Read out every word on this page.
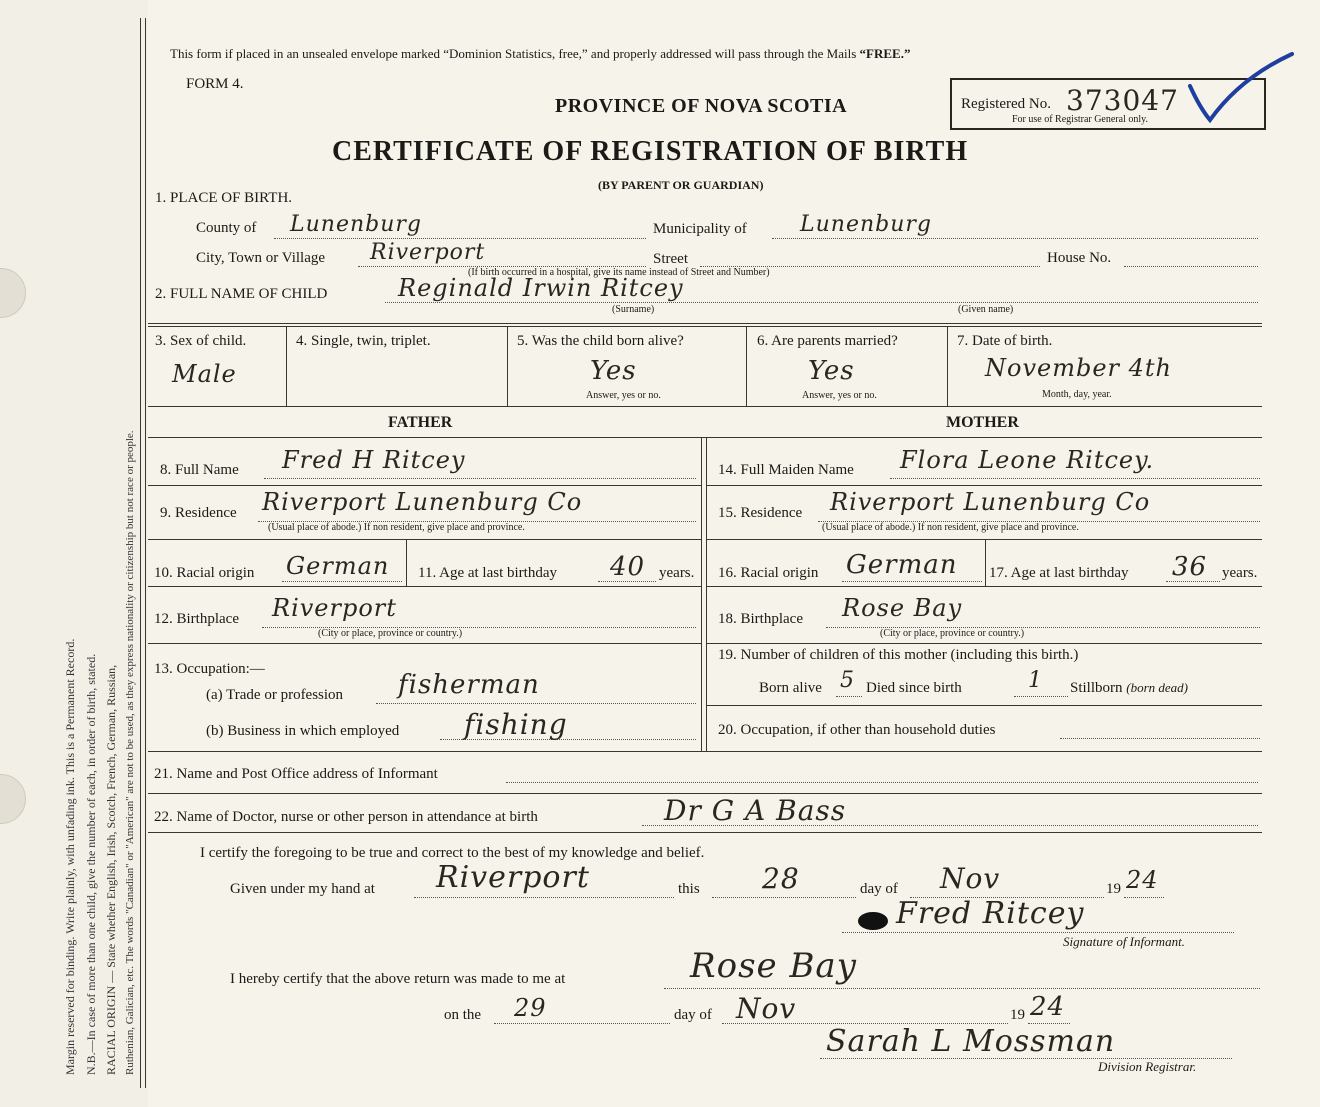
Margin reserved for binding. Write plainly, with unfading ink. This is a Permanent Record. N.B.—In case of more than one child, give the number of each, in order of birth, stated. RACIAL ORIGIN — State whether English, Irish, Scotch, French, German, Russian, Ruthenian, Galician, etc. The words "Canadian" or "American" are not to be used, as they express nationality or citizenship but not race or people.
This form if placed in an unsealed envelope marked “Dominion Statistics, free,” and properly addressed will pass through the Mails “FREE.”
FORM 4.
PROVINCE OF NOVA SCOTIA
CERTIFICATE OF REGISTRATION OF BIRTH
(BY PARENT OR GUARDIAN)
Registered No. 373047
For use of Registrar General only.
1. PLACE OF BIRTH.
County of Lunenburg	Municipality of Lunenburg
City, Town or Village Riverport	Street	House No.
(If birth occurred in a hospital, give its name instead of Street and Number)
2. FULL NAME OF CHILD	Reginald Irwin Ritcey
(Surname)	(Given name)
3. Sex of child.
Male
4. Single, twin, triplet.	5. Was the child born alive?
Yes
Answer, yes or no.
6. Are parents married?
Yes
Answer, yes or no.
7. Date of birth.
November 4th
Month, day, year.
FATHER	MOTHER
8. Full Name Fred H Ritcey	14. Full Maiden Name Flora Leone Ritcey.
9. Residence Riverport Lunenburg Co
(Usual place of abode.) If non resident, give place and province.
15. Residence Riverport Lunenburg Co
(Usual place of abode.) If non resident, give place and province.
10. Racial origin German 11. Age at last birthday 40 years. 16. Racial origin German 17. Age at last birthday 36 years.
12. Birthplace Riverport
(City or place, province or country.)
18. Birthplace Rose Bay
(City or place, province or country.)
13. Occupation:—
(a) Trade or profession fisherman
(b) Business in which employed fishing
19. Number of children of this mother (including this birth.)
Born alive 5 Died since birth	1 Stillborn (born dead)
20. Occupation, if other than household duties
21. Name and Post Office address of Informant
22. Name of Doctor, nurse or other person in attendance at birth	Dr G A Bass
I certify the foregoing to be true and correct to the best of my knowledge and belief.
Given under my hand at Riverport	this 28	day of Nov	19 24
Fred Ritcey
Signature of Informant.
I hereby certify that the above return was made to me at	Rose Bay
on the 29	day of Nov	19 24
Sarah L Mossman
Division Registrar.
